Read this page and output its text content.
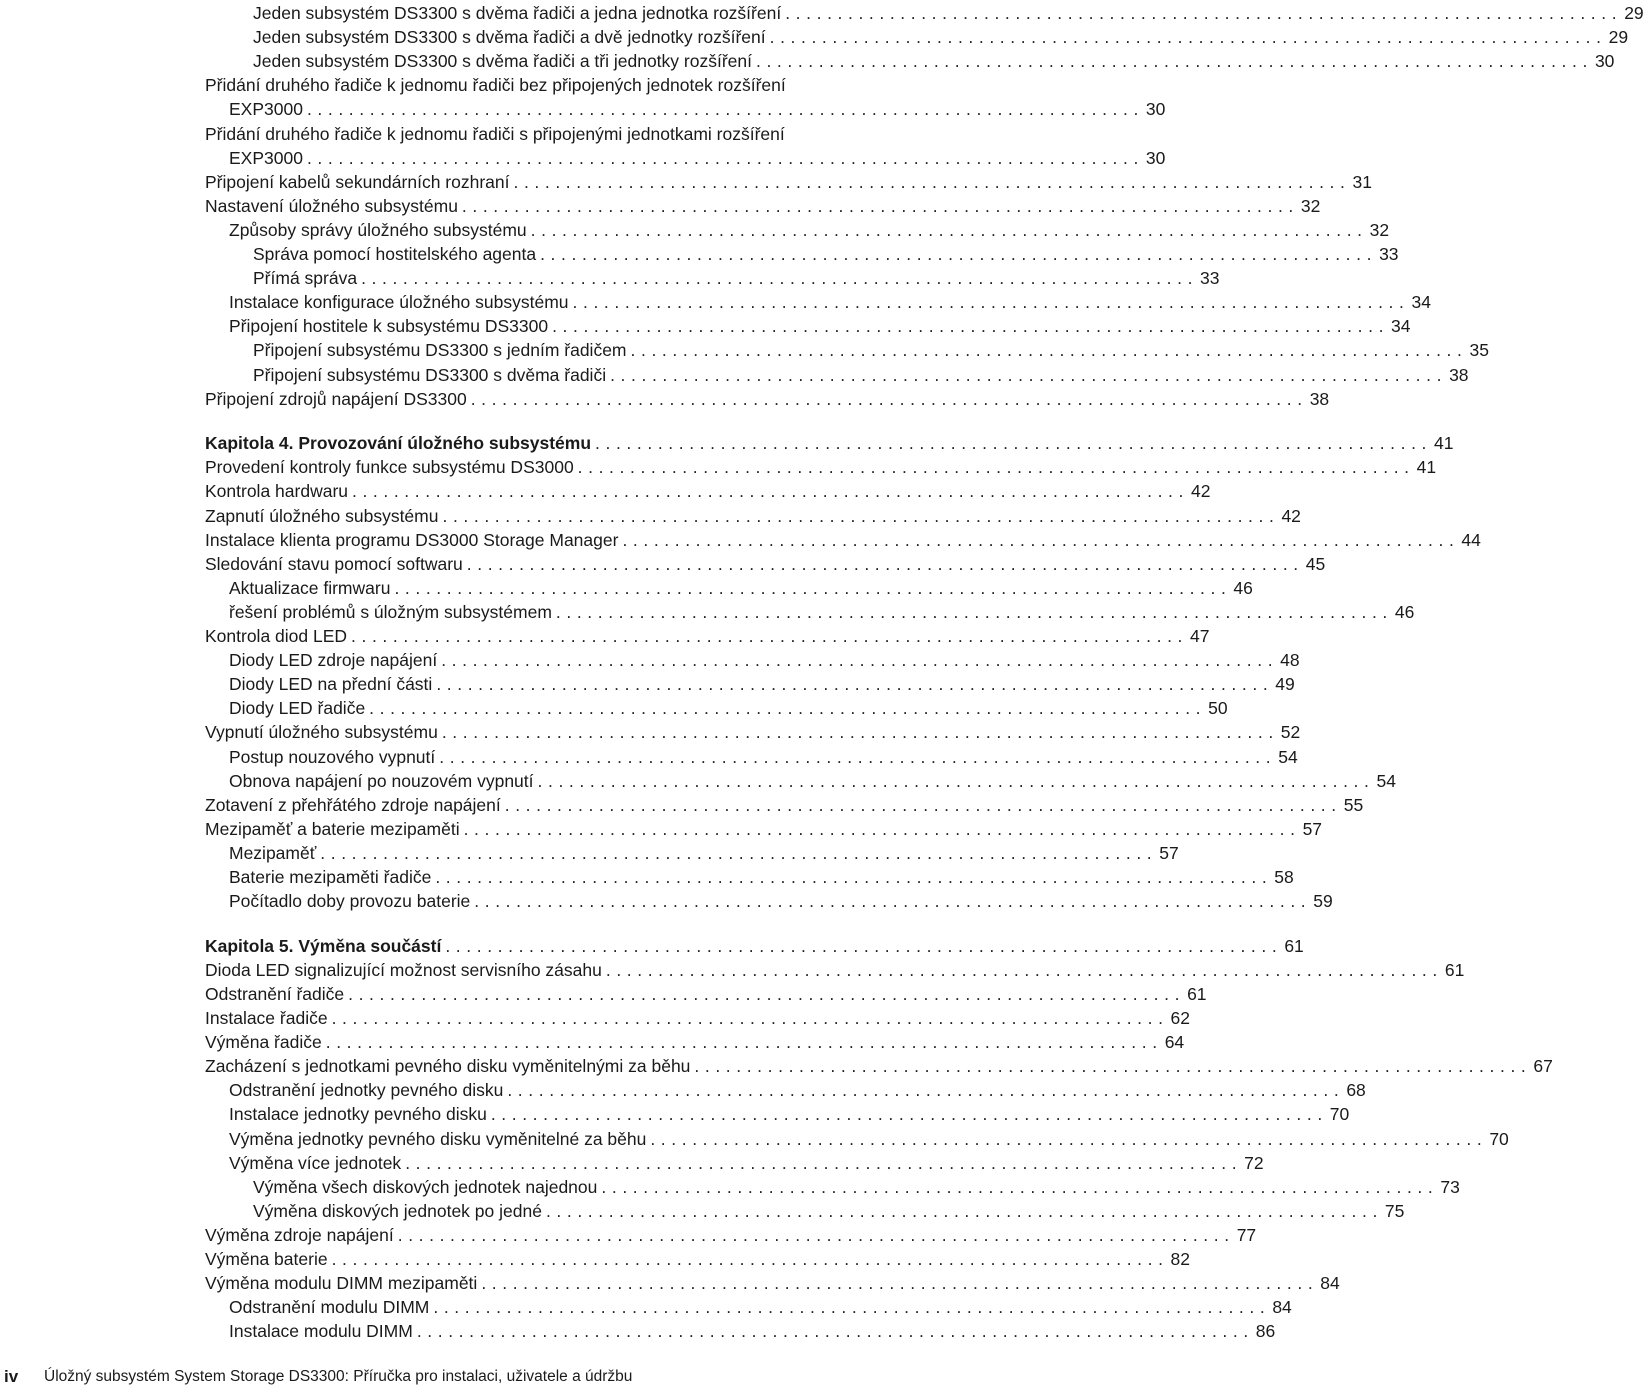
Jeden subsystém DS3300 s dvěma řadiči a jedna jednotka rozšíření ................................................................................ 29
Jeden subsystém DS3300 s dvěma řadiči a dvě jednotky rozšíření ................................................................................ 29
Jeden subsystém DS3300 s dvěma řadiči a tři jednotky rozšíření ................................................................................ 30
Přidání druhého řadiče k jednomu řadiči bez připojených jednotek rozšíření
EXP3000 ................................................................................ 30
Přidání druhého řadiče k jednomu řadiči s připojenými jednotkami rozšíření
EXP3000 ................................................................................ 30
Připojení kabelů sekundárních rozhraní ................................................................................ 31
Nastavení úložného subsystému ................................................................................ 32
Způsoby správy úložného subsystému ................................................................................ 32
Správa pomocí hostitelského agenta ................................................................................ 33
Přímá správa ................................................................................ 33
Instalace konfigurace úložného subsystému ................................................................................ 34
Připojení hostitele k subsystému DS3300 ................................................................................ 34
Připojení subsystému DS3300 s jedním řadičem ................................................................................ 35
Připojení subsystému DS3300 s dvěma řadiči ................................................................................ 38
Připojení zdrojů napájení DS3300 ................................................................................ 38
Kapitola 4. Provozování úložného subsystému ................................................................................ 41
Provedení kontroly funkce subsystému DS3000 ................................................................................ 41
Kontrola hardwaru ................................................................................ 42
Zapnutí úložného subsystému ................................................................................ 42
Instalace klienta programu DS3000 Storage Manager ................................................................................ 44
Sledování stavu pomocí softwaru ................................................................................ 45
Aktualizace firmwaru ................................................................................ 46
řešení problémů s úložným subsystémem ................................................................................ 46
Kontrola diod LED ................................................................................ 47
Diody LED zdroje napájení ................................................................................ 48
Diody LED na přední části ................................................................................ 49
Diody LED řadiče ................................................................................ 50
Vypnutí úložného subsystému ................................................................................ 52
Postup nouzového vypnutí ................................................................................ 54
Obnova napájení po nouzovém vypnutí ................................................................................ 54
Zotavení z přehřátého zdroje napájení ................................................................................ 55
Mezipaměť a baterie mezipaměti ................................................................................ 57
Mezipaměť ................................................................................ 57
Baterie mezipaměti řadiče ................................................................................ 58
Počítadlo doby provozu baterie ................................................................................ 59
Kapitola 5. Výměna součástí ................................................................................ 61
Dioda LED signalizující možnost servisního zásahu ................................................................................ 61
Odstranění řadiče ................................................................................ 61
Instalace řadiče ................................................................................ 62
Výměna řadiče ................................................................................ 64
Zacházení s jednotkami pevného disku vyměnitelnými za běhu ................................................................................ 67
Odstranění jednotky pevného disku ................................................................................ 68
Instalace jednotky pevného disku ................................................................................ 70
Výměna jednotky pevného disku vyměnitelné za běhu ................................................................................ 70
Výměna více jednotek ................................................................................ 72
Výměna všech diskových jednotek najednou ................................................................................ 73
Výměna diskových jednotek po jedné ................................................................................ 75
Výměna zdroje napájení ................................................................................ 77
Výměna baterie ................................................................................ 82
Výměna modulu DIMM mezipaměti ................................................................................ 84
Odstranění modulu DIMM ................................................................................ 84
Instalace modulu DIMM ................................................................................ 86
iv Úložný subsystém System Storage DS3300: Příručka pro instalaci, uživatele a údržbu
